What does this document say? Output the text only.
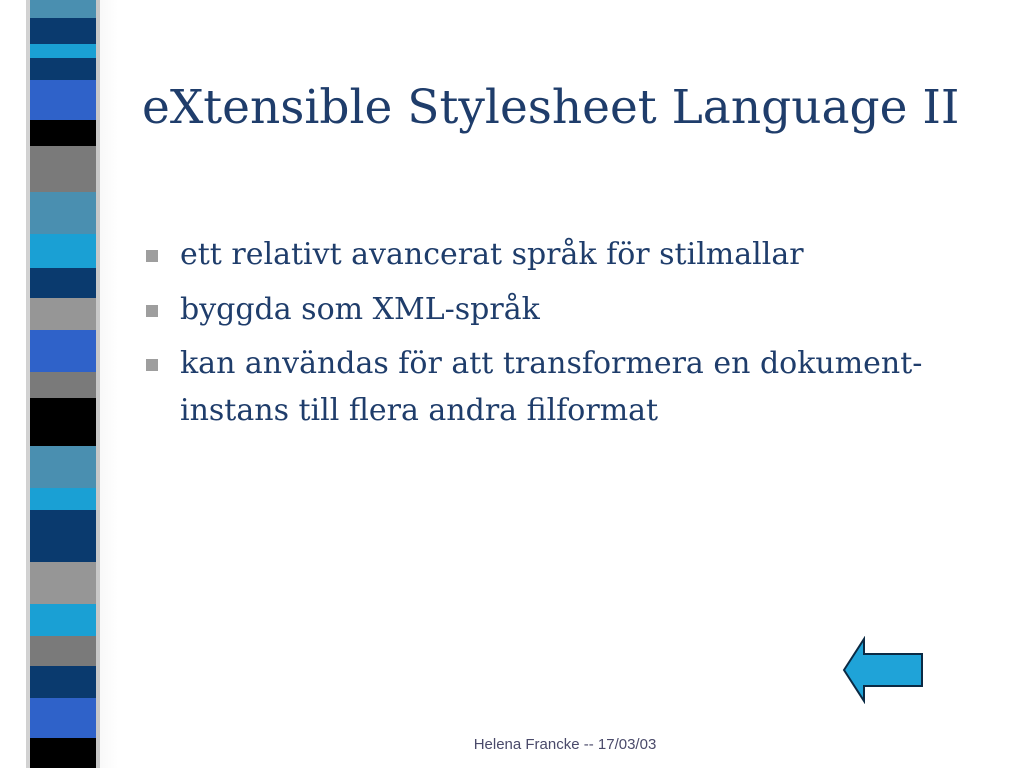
eXtensible Stylesheet Language II
ett relativt avancerat språk för stilmallar
byggda som XML-språk
kan användas för att transformera en dokument-instans till flera andra filformat
Helena Francke -- 17/03/03
